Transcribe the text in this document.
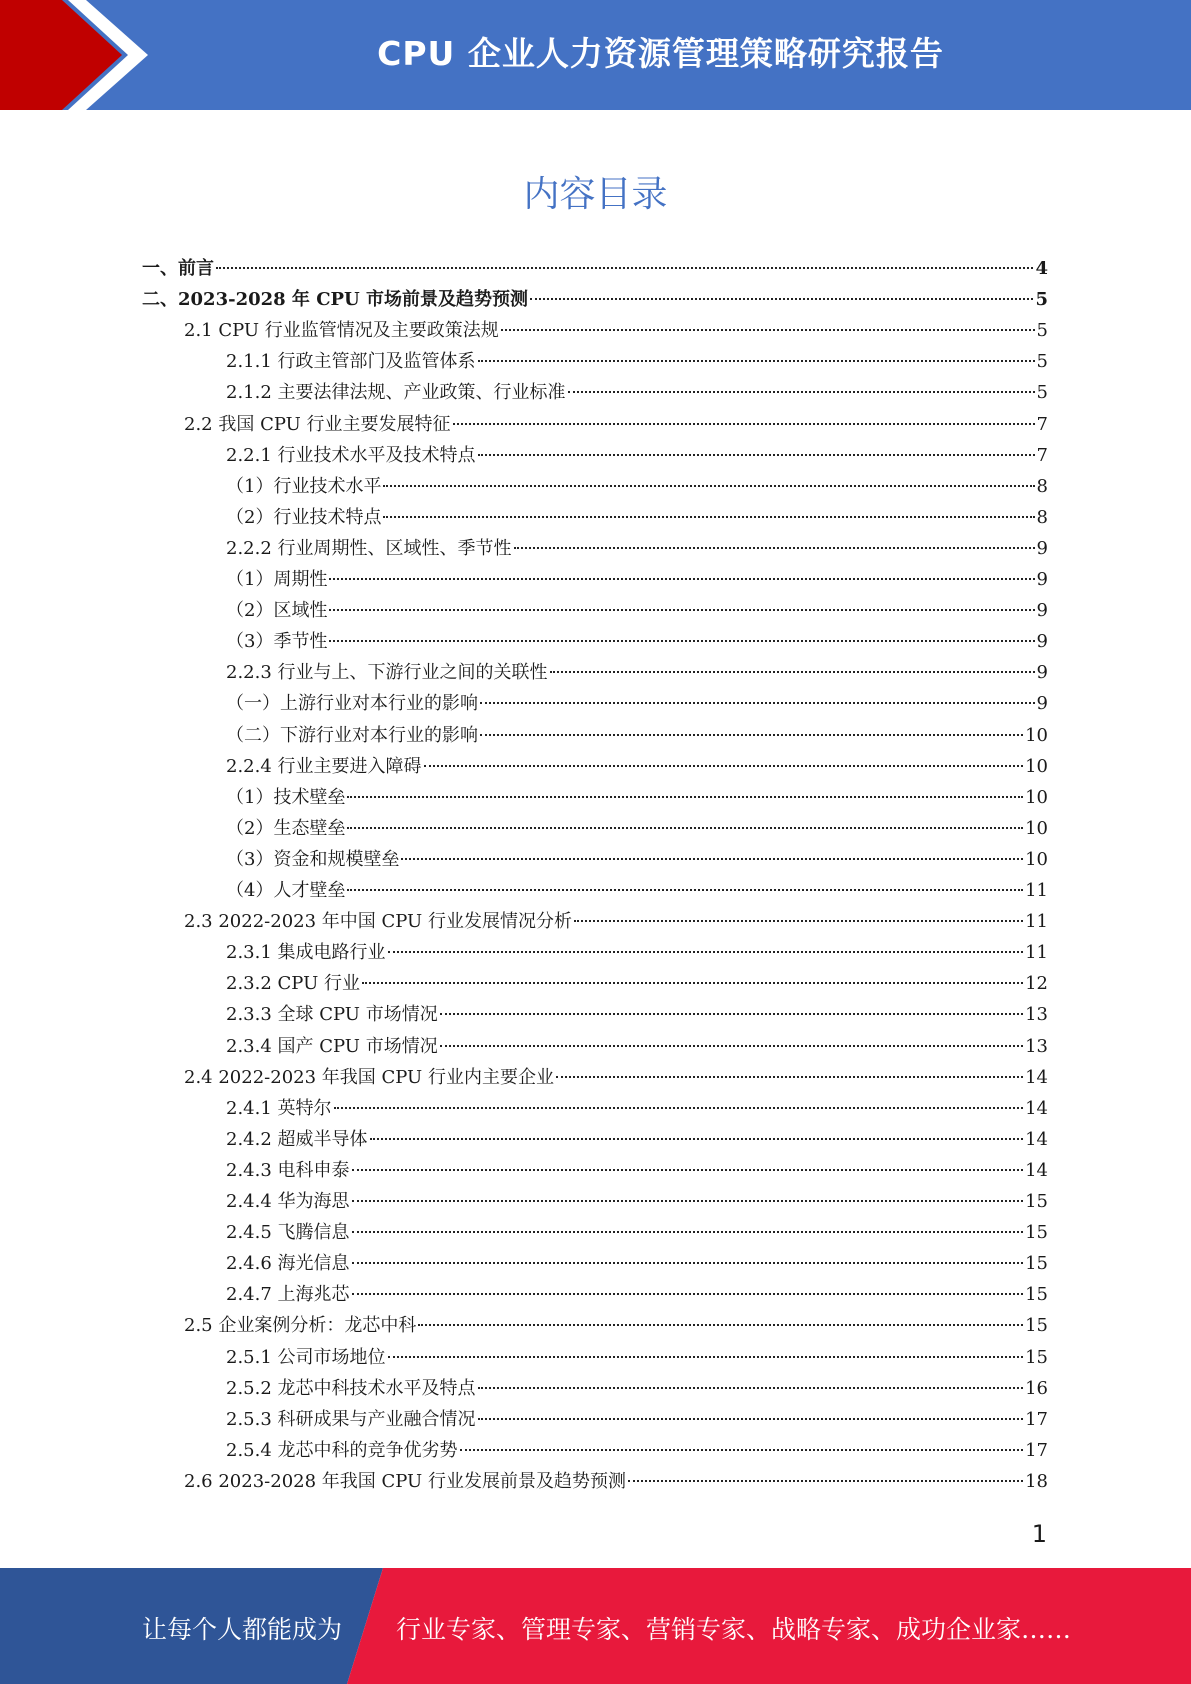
CPU 企业人力资源管理策略研究报告
内容目录
一、前言	4
二、2023-2028 年 CPU 市场前景及趋势预测	5
2.1 CPU 行业监管情况及主要政策法规	5
2.1.1 行政主管部门及监管体系	5
2.1.2 主要法律法规、产业政策、行业标准	5
2.2 我国 CPU 行业主要发展特征	7
2.2.1 行业技术水平及技术特点	7
（1）行业技术水平	8
（2）行业技术特点	8
2.2.2 行业周期性、区域性、季节性	9
（1）周期性	9
（2）区域性	9
（3）季节性	9
2.2.3 行业与上、下游行业之间的关联性	9
（一）上游行业对本行业的影响	9
（二）下游行业对本行业的影响	10
2.2.4 行业主要进入障碍	10
（1）技术壁垒	10
（2）生态壁垒	10
（3）资金和规模壁垒	10
（4）人才壁垒	11
2.3 2022-2023 年中国 CPU 行业发展情况分析	11
2.3.1 集成电路行业	11
2.3.2 CPU 行业	12
2.3.3 全球 CPU 市场情况	13
2.3.4 国产 CPU 市场情况	13
2.4 2022-2023 年我国 CPU 行业内主要企业	14
2.4.1 英特尔	14
2.4.2 超威半导体	14
2.4.3 电科申泰	14
2.4.4 华为海思	15
2.4.5 飞腾信息	15
2.4.6 海光信息	15
2.4.7 上海兆芯	15
2.5 企业案例分析：龙芯中科	15
2.5.1 公司市场地位	15
2.5.2 龙芯中科技术水平及特点	16
2.5.3 科研成果与产业融合情况	17
2.5.4 龙芯中科的竞争优劣势	17
2.6 2023-2028 年我国 CPU 行业发展前景及趋势预测	18
1
让每个人都能成为 行业专家、管理专家、营销专家、战略专家、成功企业家……
